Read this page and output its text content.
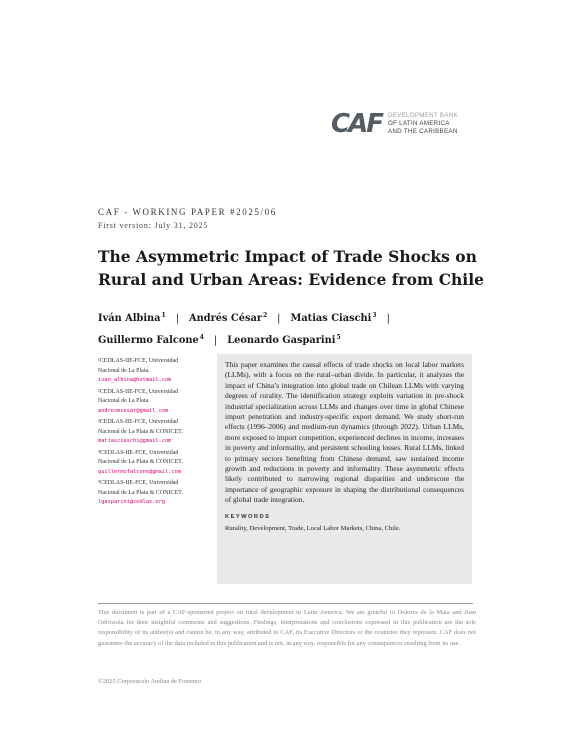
CAF DEVELOPMENT BANK
OF LATIN AMERICA
AND THE CARIBBEAN
CAF - WORKING PAPER #2025/06
First version: July 31, 2025
The Asymmetric Impact of Trade Shocks on
Rural and Urban Areas: Evidence from Chile
Iván Albina$^1$ | Andrés César$^2$ | Matias Ciaschi$^3$ |
Guillermo Falcone$^4$ | Leonardo Gasparini$^5$
¹CEDLAS-IIE-FCE, Universidad
Nacional de La Plata.
ivan_albina@hotmail.com
²CEDLAS-IIE-FCE, Universidad
Nacional de La Plata.
andresmcesar@gmail.com
³CEDLAS-IIE-FCE, Universidad
Nacional de La Plata & CONICET.
matiasciaschi@gmail.com
⁴CEDLAS-IIE-FCE, Universidad
Nacional de La Plata & CONICET.
guillermofalcone@gmail.com
⁵CEDLAS-IIE-FCE, Universidad
Nacional de La Plata & CONICET.
lgasparini@cedlas.org
This paper examines the causal effects of trade shocks on local labor markets (LLMs), with a focus on the rural–urban divide. In particular, it analyzes the impact of China’s integration into global trade on Chilean LLMs with varying degrees of rurality. The identification strategy exploits variation in pre-shock industrial specialization across LLMs and changes over time in global Chinese import penetration and industry-specific export demand. We study short-run effects (1996–2006) and medium-run dynamics (through 2022). Urban LLMs, more exposed to import competition, experienced declines in income, increases in poverty and informality, and persistent schooling losses. Rural LLMs, linked to primary sectors benefiting from Chinese demand, saw sustained income growth and reductions in poverty and informality. These asymmetric effects likely contributed to narrowing regional disparities and underscore the importance of geographic exposure in shaping the distributional consequences of global trade integration.
KEYWORDS
Rurality, Development, Trade, Local Labor Markets, China, Chile.
This document is part of a CAF-sponsored project on rural development in Latin America. We are grateful to Dolores de la Mata and Juan Odriozola for their insightful comments and suggestions. Findings, interpretations and conclusions expressed in this publication are the sole responsibility of its author(s) and cannot be, in any way, attributed to CAF, its Executive Directors or the countries they represent. CAF does not guarantee the accuracy of the data included in this publication and is not, in any way, responsible for any consequences resulting from its use.
©2025 Corporación Andina de Fomento
